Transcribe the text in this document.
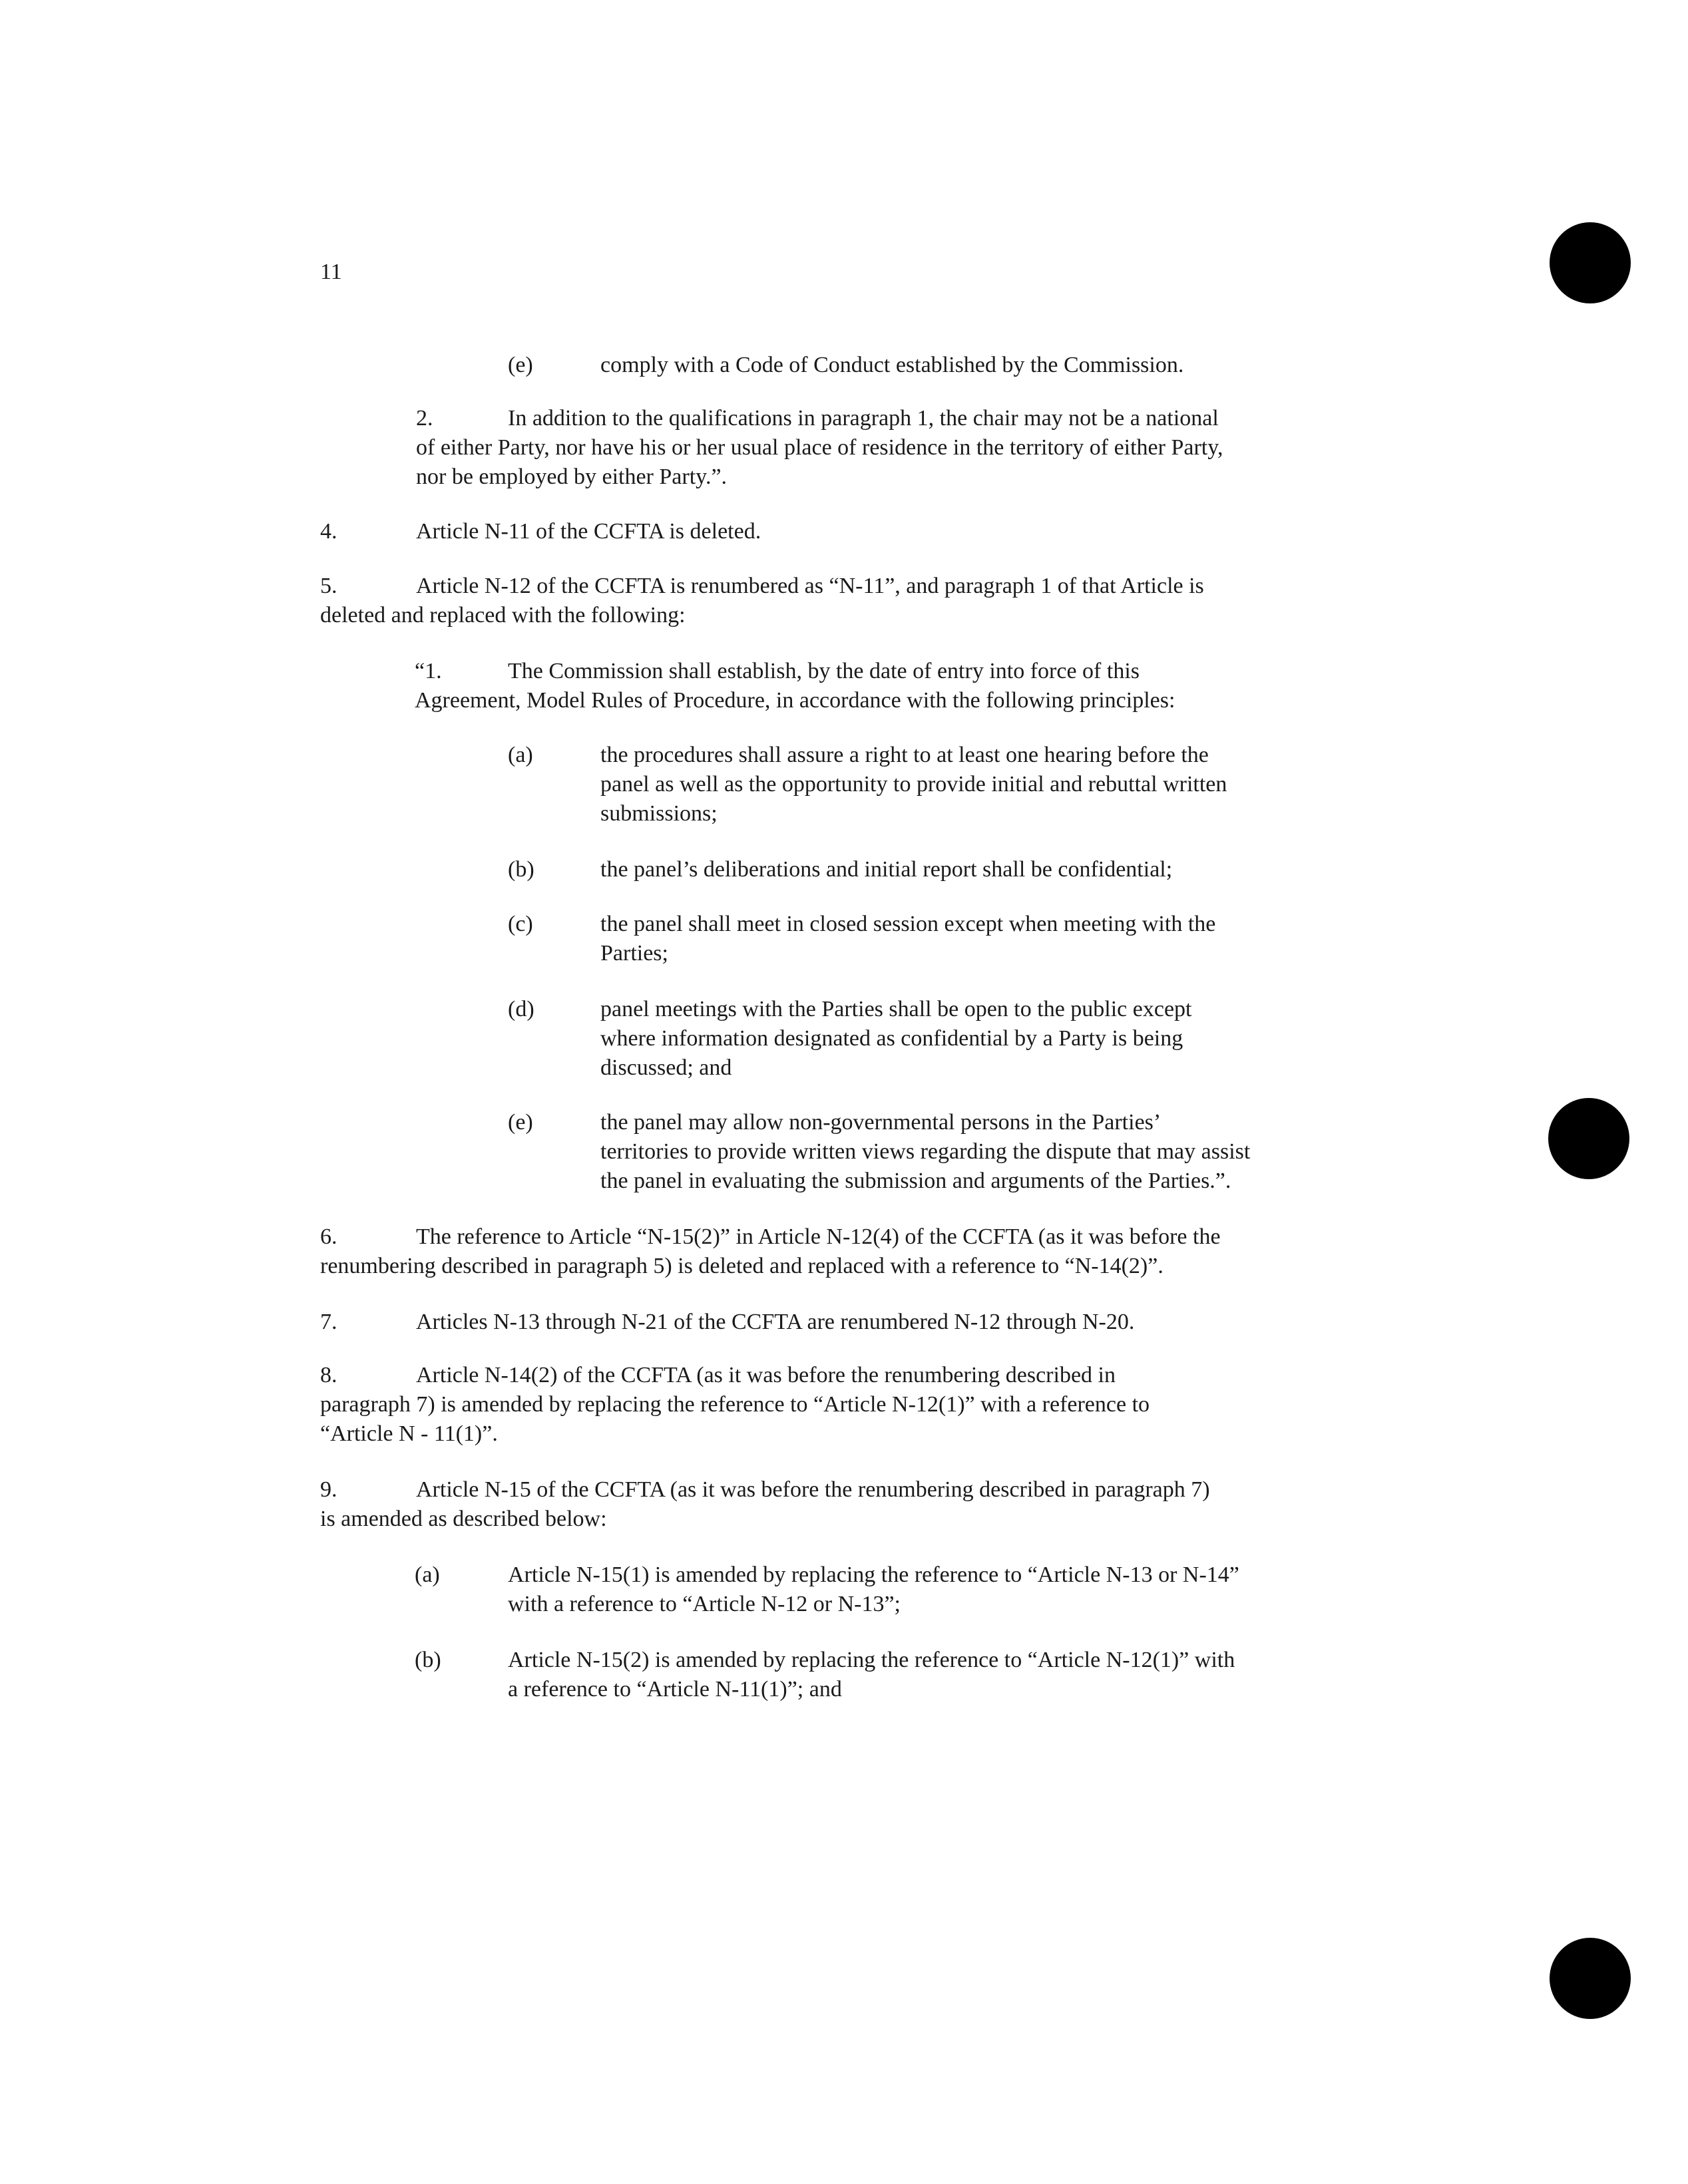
11
(e)	comply with a Code of Conduct established by the Commission.
2.	In addition to the qualifications in paragraph 1, the chair may not be a national
of either Party, nor have his or her usual place of residence in the territory of either Party,
nor be employed by either Party.”.
4.	Article N-11 of the CCFTA is deleted.
5.	Article N-12 of the CCFTA is renumbered as “N-11”, and paragraph 1 of that Article is
deleted and replaced with the following:
“1.	The Commission shall establish, by the date of entry into force of this
Agreement, Model Rules of Procedure, in accordance with the following principles:
(a)	the procedures shall assure a right to at least one hearing before the
panel as well as the opportunity to provide initial and rebuttal written
submissions;
(b)	the panel’s deliberations and initial report shall be confidential;
(c)	the panel shall meet in closed session except when meeting with the
Parties;
(d)	panel meetings with the Parties shall be open to the public except
where information designated as confidential by a Party is being
discussed; and
(e)	the panel may allow non-governmental persons in the Parties’
territories to provide written views regarding the dispute that may assist
the panel in evaluating the submission and arguments of the Parties.”.
6.	The reference to Article “N-15(2)” in Article N-12(4) of the CCFTA (as it was before the
renumbering described in paragraph 5) is deleted and replaced with a reference to “N-14(2)”.
7.	Articles N-13 through N-21 of the CCFTA are renumbered N-12 through N-20.
8.	Article N-14(2) of the CCFTA (as it was before the renumbering described in
paragraph 7) is amended by replacing the reference to “Article N-12(1)” with a reference to
“Article N - 11(1)”.
9.	Article N-15 of the CCFTA (as it was before the renumbering described in paragraph 7)
is amended as described below:
(a)	Article N-15(1) is amended by replacing the reference to “Article N-13 or N-14”
with a reference to “Article N-12 or N-13”;
(b)	Article N-15(2) is amended by replacing the reference to “Article N-12(1)” with
a reference to “Article N-11(1)”; and
